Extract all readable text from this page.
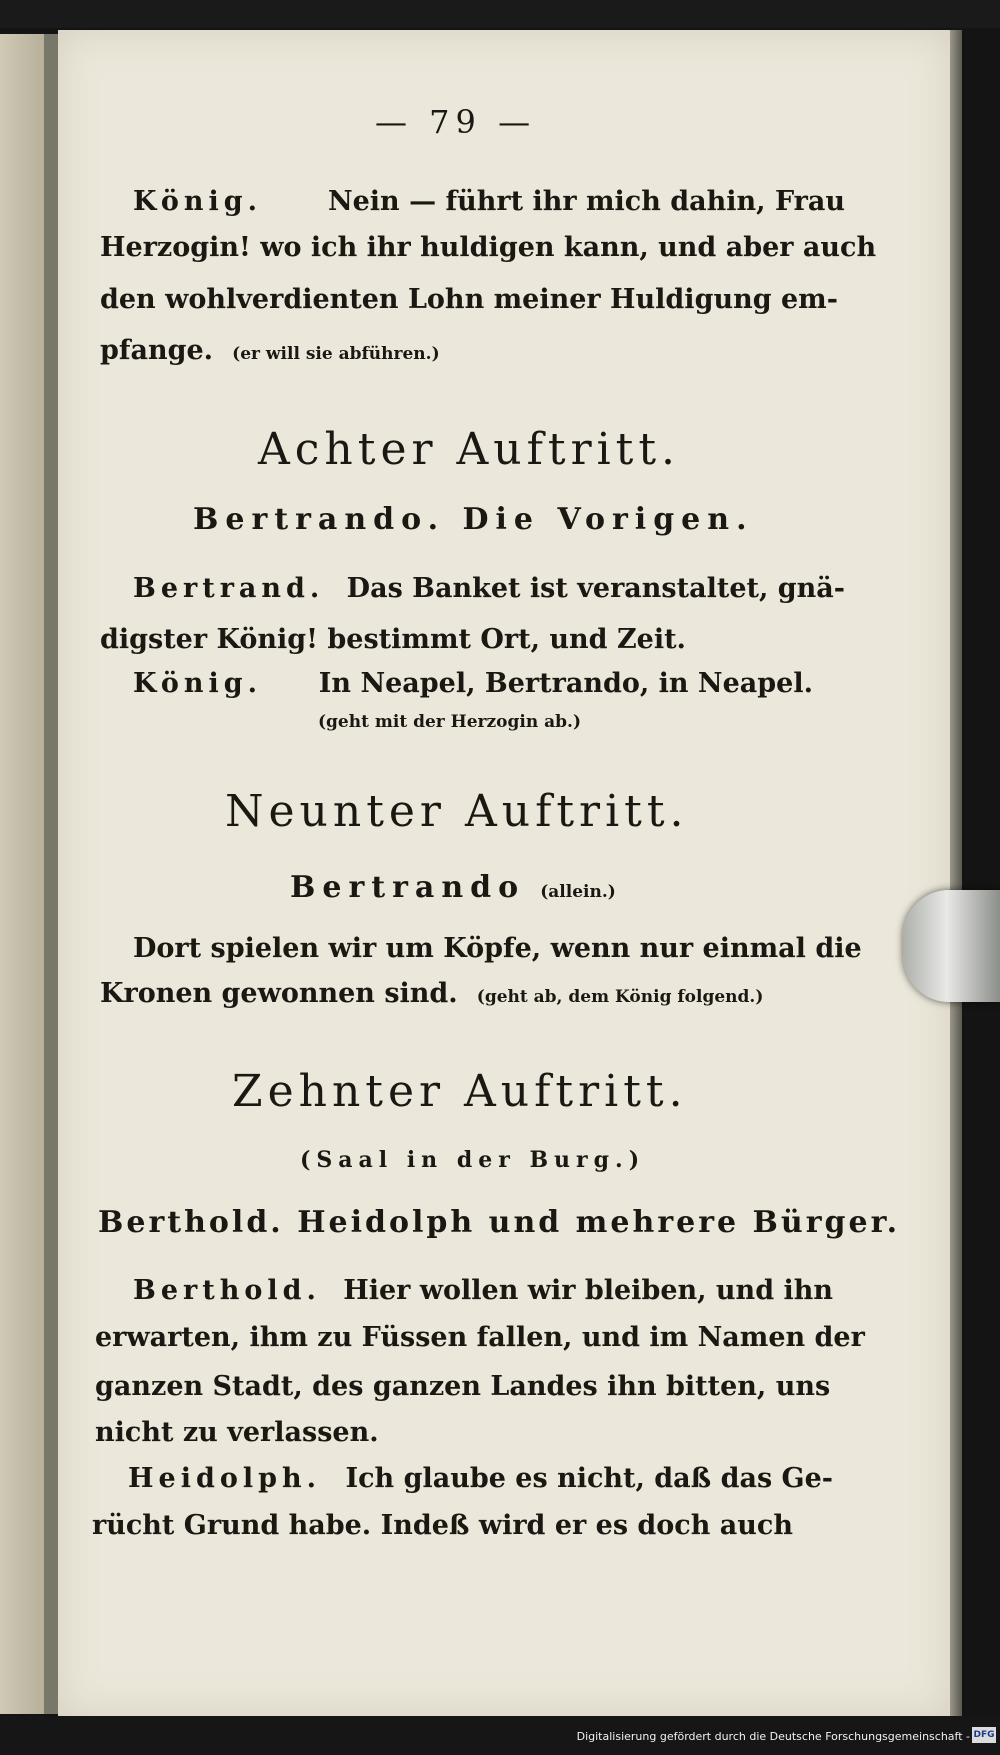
— 79 —
König. Nein — führt ihr mich dahin, Frau
Herzogin! wo ich ihr huldigen kann, und aber auch
den wohlverdienten Lohn meiner Huldigung em-
pfange. (er will sie abführen.)
Achter Auftritt.
Bertrando. Die Vorigen.
Bertrand. Das Banket ist veranstaltet, gnä-
digster König! bestimmt Ort, und Zeit.
König. In Neapel, Bertrando, in Neapel.
(geht mit der Herzogin ab.)
Neunter Auftritt.
Bertrando (allein.)
Dort spielen wir um Köpfe, wenn nur einmal die
Kronen gewonnen sind. (geht ab, dem König folgend.)
Zehnter Auftritt.
(Saal in der Burg.)
Berthold. Heidolph und mehrere Bürger.
Berthold. Hier wollen wir bleiben, und ihn
erwarten, ihm zu Füssen fallen, und im Namen der
ganzen Stadt, des ganzen Landes ihn bitten, uns
nicht zu verlassen.
Heidolph. Ich glaube es nicht, daß das Ge-
rücht Grund habe. Indeß wird er es doch auch
Digitalisierung gefördert durch die Deutsche Forschungsgemeinschaft - DFG
